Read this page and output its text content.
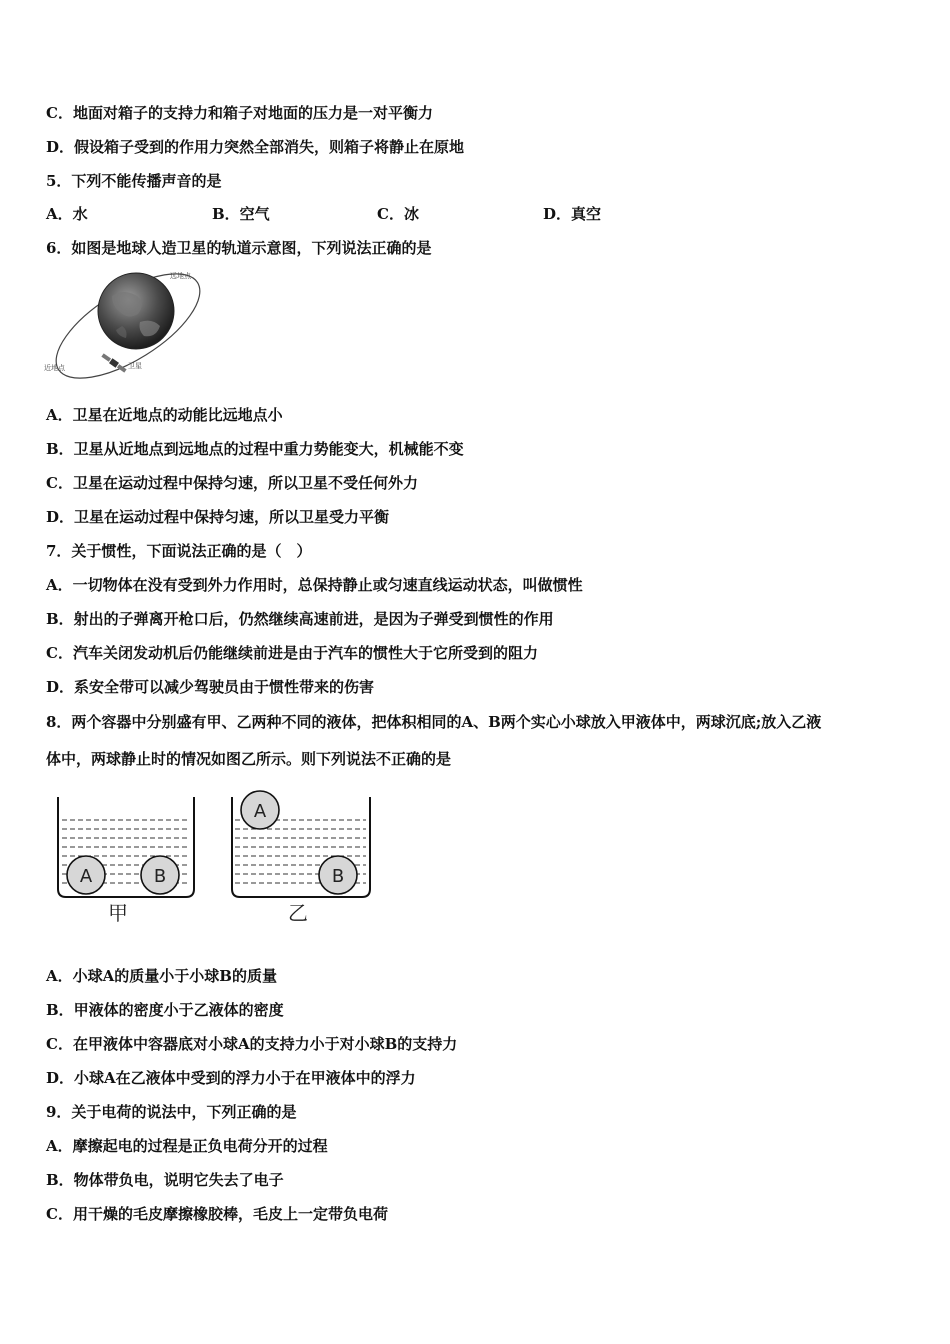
C．地面对箱子的支持力和箱子对地面的压力是一对平衡力
D．假设箱子受到的作用力突然全部消失，则箱子将静止在原地
5．下列不能传播声音的是
A．水	B．空气	C．冰	D．真空
6．如图是地球人造卫星的轨道示意图，下列说法正确的是
远地点
近地点	卫星
A．卫星在近地点的动能比远地点小
B．卫星从近地点到远地点的过程中重力势能变大，机械能不变
C．卫星在运动过程中保持匀速，所以卫星不受任何外力
D．卫星在运动过程中保持匀速，所以卫星受力平衡
7．关于惯性，下面说法正确的是（　）
A．一切物体在没有受到外力作用时，总保持静止或匀速直线运动状态，叫做惯性
B．射出的子弹离开枪口后，仍然继续高速前进，是因为子弹受到惯性的作用
C．汽车关闭发动机后仍能继续前进是由于汽车的惯性大于它所受到的阻力
D．系安全带可以减少驾驶员由于惯性带来的伤害
8．两个容器中分别盛有甲、乙两种不同的液体，把体积相同的A、B两个实心小球放入甲液体中，两球沉底;放入乙液
体中，两球静止时的情况如图乙所示。则下列说法不正确的是
A	B
甲
A
B
乙
A．小球A的质量小于小球B的质量
B．甲液体的密度小于乙液体的密度
C．在甲液体中容器底对小球A的支持力小于对小球B的支持力
D．小球A在乙液体中受到的浮力小于在甲液体中的浮力
9．关于电荷的说法中，下列正确的是
A．摩擦起电的过程是正负电荷分开的过程
B．物体带负电，说明它失去了电子
C．用干燥的毛皮摩擦橡胶棒，毛皮上一定带负电荷
